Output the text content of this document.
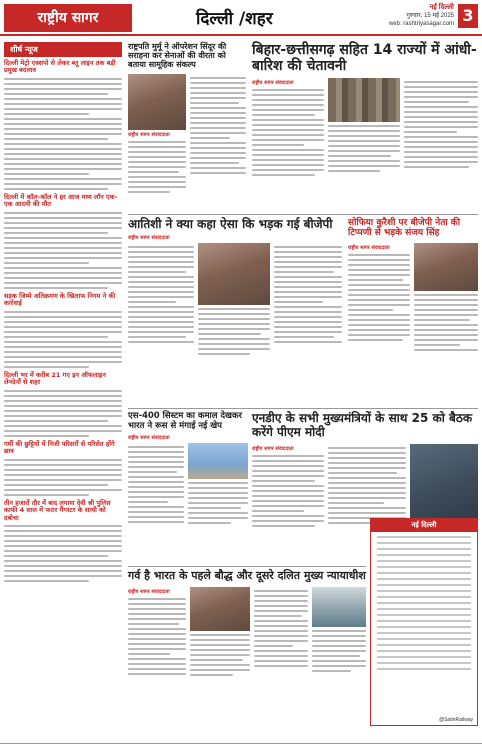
राष्ट्रीय सागर	दिल्ली /शहर
नई दिल्ली
गुरुवार, 15 मई 2025
web: rashtriyasagar.com 3
शीर्ष न्यूज
दिल्ली मेट्रो एक्सपो से लेकर ब्लू लाइन तक बड़ी प्रमुख बदलाव
दिल्ली में कॉल-कॉल ने हर आज मध्य लॉन एक-एक आदमी की मौत
सड़क जिम्मे अतिक्रमण के खिलाफ निगम ने की कार्रवाई
दिल्ली भर में करीब 21 गए इन ऑफलाइन लेनदेनों से शहर
गर्मी की छुट्टियों में निजी परिसरों से परिसेत होंगे छात्र
तीन हजारों तौर में बाद लगाया देवी श्री पुलिस काफी 4 साल में फरार गैंगस्टर के साथी को दबोचा
राष्ट्रपति मुर्मू ने ऑपरेशन सिंदूर की सराहना कर सेनाओं की वीरता को बताया सामूहिक संकल्प
राष्ट्रीय सागर संवाददाता
बिहार-छत्तीसगढ़ सहित 14 राज्यों में आंधी-बारिश की चेतावनी
राष्ट्रीय सागर संवाददाता
आतिशी ने क्या कहा ऐसा कि भड़क गई बीजेपी
राष्ट्रीय सागर संवाददाता
सोफिया कुरैशी पर बीजेपी नेता की टिप्पणी से भड़के संजय सिंह
राष्ट्रीय सागर संवाददाता
एस-400 सिस्टम का कमाल देखकर भारत ने रूस से मंगाई नई खेप
राष्ट्रीय सागर संवाददाता
एनडीए के सभी मुख्यमंत्रियों के साथ 25 को बैठक करेंगे पीएम मोदी
राष्ट्रीय सागर संवाददाता
नई दिल्ली
@SatinRailway
गर्व है भारत के पहले बौद्ध और दूसरे दलित मुख्य न्यायाधीश
राष्ट्रीय सागर संवाददाता
